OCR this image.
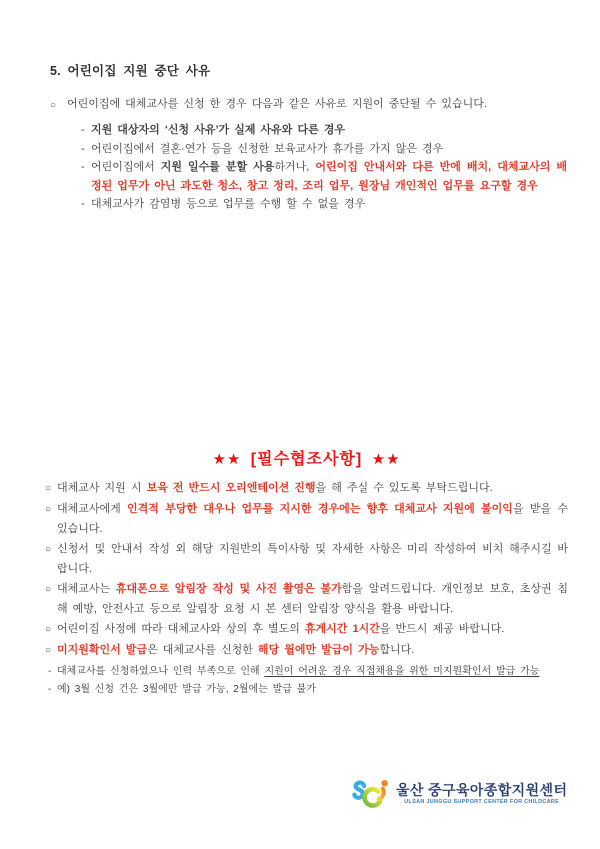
5. 어린이집 지원 중단 사유
○ 어린이집에 대체교사를 신청 한 경우 다음과 같은 사유로 지원이 중단될 수 있습니다.
- 지원 대상자의 ‘신청 사유’가 실제 사유와 다른 경우
- 어린이집에서 결혼·연가 등을 신청한 보육교사가 휴가를 가지 않은 경우
- 어린이집에서 지원 일수를 분할 사용하거나, 어린이집 안내서와 다른 반에 배치, 대체교사의 배정된 업무가 아닌 과도한 청소, 창고 정리, 조리 업무, 원장님 개인적인 업무를 요구할 경우
- 대체교사가 감염병 등으로 업무를 수행 할 수 없을 경우
★★ [필수협조사항] ★★
○ 대체교사 지원 시 보육 전 반드시 오리엔테이션 진행을 해 주실 수 있도록 부탁드립니다.
○ 대체교사에게 인격적 부당한 대우나 업무를 지시한 경우에는 향후 대체교사 지원에 불이익을 받을 수 있습니다.
○ 신청서 및 안내서 작성 외 해당 지원반의 특이사항 및 자세한 사항은 미리 작성하여 비치 해주시길 바랍니다.
○ 대체교사는 휴대폰으로 알림장 작성 및 사진 촬영은 불가함을 알려드립니다. 개인정보 보호, 초상권 침해 예방, 안전사고 등으로 알림장 요청 시 본 센터 알림장 양식을 활용 바랍니다.
○ 어린이집 사정에 따라 대체교사와 상의 후 별도의 휴게시간 1시간을 반드시 제공 바랍니다.
○ 미지원확인서 발급은 대체교사를 신청한 해당 월에만 발급이 가능합니다.
- 대체교사를 신청하였으나 인력 부족으로 인해 지원이 어려운 경우 직접채용을 위한 미지원확인서 발급 가능
- 예) 3월 신청 건은 3월에만 발급 가능, 2월에는 발급 불가
울산 중구육아종합지원센터
ULSAN JUNGGU SUPPORT CENTER FOR CHILDCARE
